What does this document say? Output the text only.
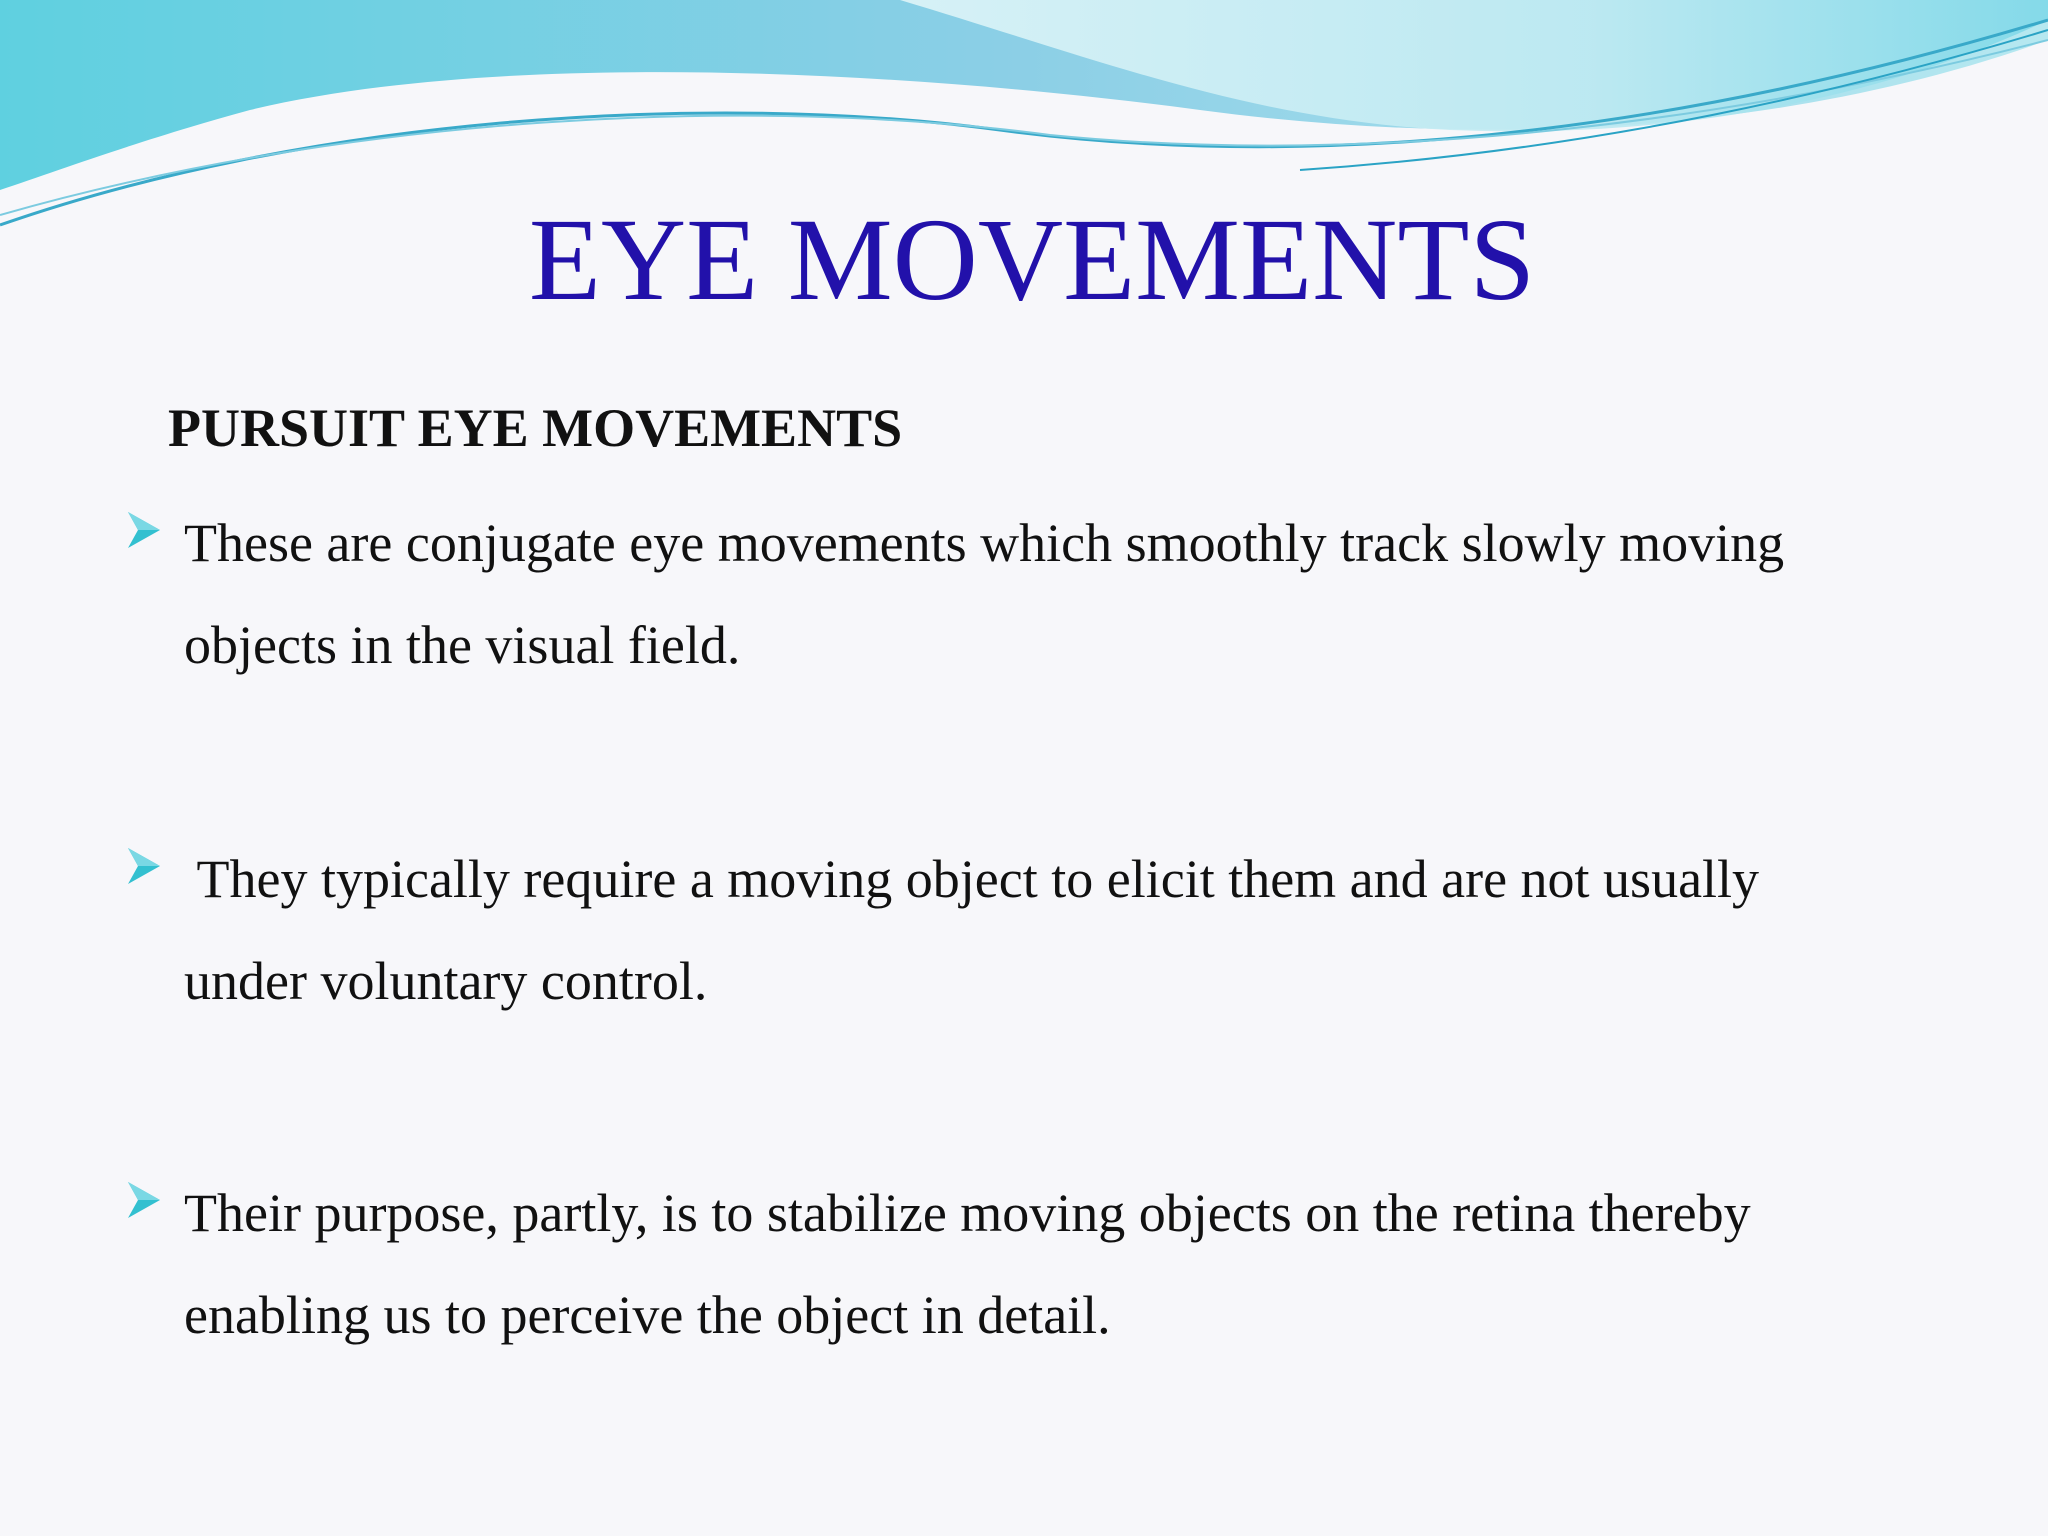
EYE MOVEMENTS

PURSUIT EYE MOVEMENTS

These are conjugate eye movements which smoothly track slowly moving
objects in the visual field.

They typically require a moving object to elicit them and are not usually
under voluntary control.

Their purpose, partly, is to stabilize moving objects on the retina thereby
enabling us to perceive the object in detail.
